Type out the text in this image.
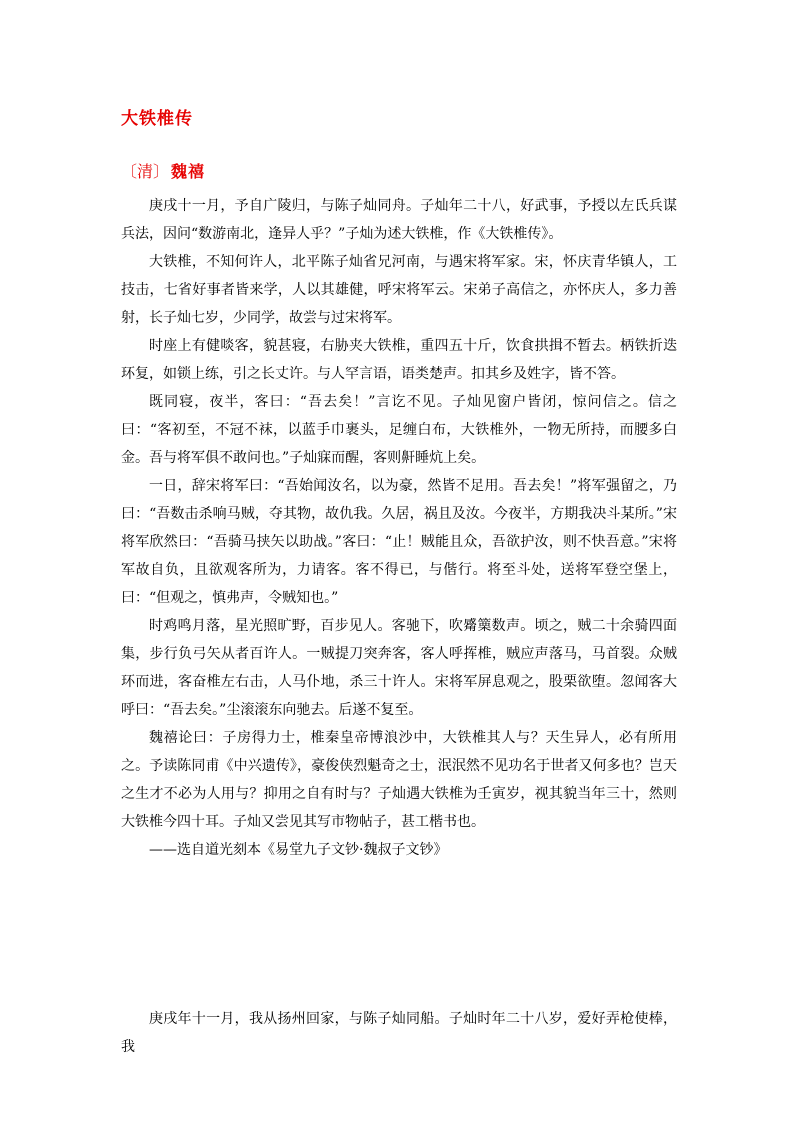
大铁椎传
〔清〕 魏禧

庚戌十一月，予自广陵归，与陈子灿同舟。子灿年二十八，好武事，予授以左氏兵谋兵法，因问“数游南北，逢异人乎？”子灿为述大铁椎，作《大铁椎传》。

大铁椎，不知何许人，北平陈子灿省兄河南，与遇宋将军家。宋，怀庆青华镇人，工技击，七省好事者皆来学，人以其雄健，呼宋将军云。宋弟子高信之，亦怀庆人，多力善射，长子灿七岁，少同学，故尝与过宋将军。

时座上有健啖客，貌甚寝，右胁夹大铁椎，重四五十斤，饮食拱揖不暂去。柄铁折迭环复，如锁上练，引之长丈许。与人罕言语，语类楚声。扣其乡及姓字，皆不答。

既同寝，夜半，客曰：“吾去矣！”言讫不见。子灿见窗户皆闭，惊问信之。信之曰：“客初至，不冠不袜，以蓝手巾裹头，足缠白布，大铁椎外，一物无所持，而腰多白金。吾与将军俱不敢问也。”子灿寐而醒，客则鼾睡炕上矣。

一日，辞宋将军曰：“吾始闻汝名，以为豪，然皆不足用。吾去矣！”将军强留之，乃曰：“吾数击杀响马贼，夺其物，故仇我。久居，祸且及汝。今夜半，方期我决斗某所。”宋将军欣然曰：“吾骑马挟矢以助战。”客曰：“止！贼能且众，吾欲护汝，则不快吾意。”宋将军故自负，且欲观客所为，力请客。客不得已，与偕行。将至斗处，送将军登空堡上，曰：“但观之，慎弗声，令贼知也。”

时鸡鸣月落，星光照旷野，百步见人。客驰下，吹觱篥数声。顷之，贼二十余骑四面集，步行负弓矢从者百许人。一贼提刀突奔客，客人呼挥椎，贼应声落马，马首裂。众贼环而进，客奋椎左右击，人马仆地，杀三十许人。宋将军屏息观之，股栗欲堕。忽闻客大呼曰：“吾去矣。”尘滚滚东向驰去。后遂不复至。

魏禧论曰：子房得力士，椎秦皇帝博浪沙中，大铁椎其人与？天生异人，必有所用之。予读陈同甫《中兴遗传》，豪俊侠烈魁奇之士，泯泯然不见功名于世者又何多也？岂天之生才不必为人用与？抑用之自有时与？子灿遇大铁椎为壬寅岁，视其貌当年三十，然则大铁椎今四十耳。子灿又尝见其写市物帖子，甚工楷书也。

——选自道光刻本《易堂九子文钞·魏叔子文钞》

庚戌年十一月，我从扬州回家，与陈子灿同船。子灿时年二十八岁，爱好弄枪使棒，我
